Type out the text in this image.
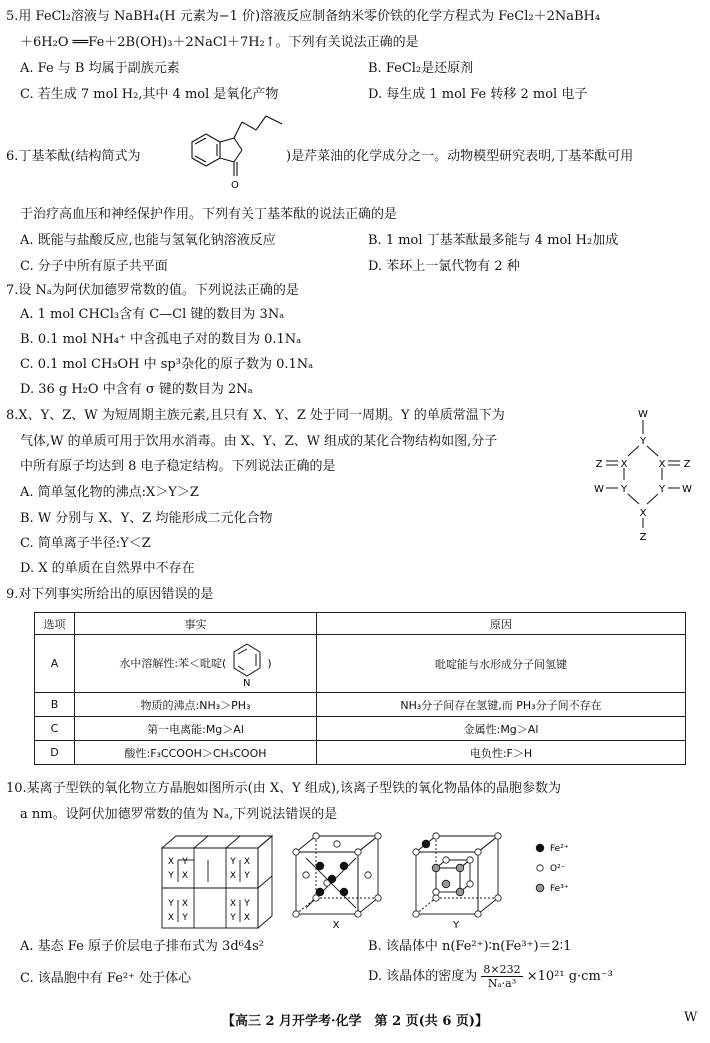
5.用 FeCl₂溶液与 NaBH₄(H 元素为−1 价)溶液反应制备纳米零价铁的化学方程式为 FeCl₂＋2NaBH₄
＋6H₂O ══Fe＋2B(OH)₃＋2NaCl＋7H₂↑。下列有关说法正确的是
A. Fe 与 B 均属于副族元素	B. FeCl₂是还原剂
C. 若生成 7 mol H₂,其中 4 mol 是氧化产物	D. 每生成 1 mol Fe 转移 2 mol 电子
6.丁基苯酞(结构简式为
O
)是芹菜油的化学成分之一。动物模型研究表明,丁基苯酞可用
于治疗高血压和神经保护作用。下列有关丁基苯酞的说法正确的是
A. 既能与盐酸反应,也能与氢氧化钠溶液反应	B. 1 mol 丁基苯酞最多能与 4 mol H₂加成
C. 分子中所有原子共平面	D. 苯环上一氯代物有 2 种
7.设 Nₐ为阿伏加德罗常数的值。下列说法正确的是
A. 1 mol CHCl₃含有 C—Cl 键的数目为 3Nₐ
B. 0.1 mol NH₄⁺ 中含孤电子对的数目为 0.1Nₐ
C. 0.1 mol CH₃OH 中 sp³杂化的原子数为 0.1Nₐ
D. 36 g H₂O 中含有 σ 键的数目为 2Nₐ
8.X、Y、Z、W 为短周期主族元素,且只有 X、Y、Z 处于同一周期。Y 的单质常温下为
气体,W 的单质可用于饮用水消毒。由 X、Y、Z、W 组成的某化合物结构如图,分子
中所有原子均达到 8 电子稳定结构。下列说法正确的是
A. 简单氢化物的沸点:X＞Y＞Z
B. W 分别与 X、Y、Z 均能形成二元化合物
C. 简单离子半径:Y＜Z
D. X 的单质在自然界中不存在
W
Y
X	X
Z	Z
Y	Y
W	W
X
Z
9.对下列事实所给出的原因错误的是
选项	事实	原因
A	水中溶解性:苯＜吡啶(
N
)	吡啶能与水形成分子间氢键
B	物质的沸点:NH₃＞PH₃	NH₃分子间存在氢键,而 PH₃分子间不存在
C	第一电离能:Mg＞Al	金属性:Mg＞Al
D	酸性:F₃CCOOH＞CH₃COOH	电负性:F＞H
10.某离子型铁的氧化物立方晶胞如图所示(由 X、Y 组成),该离子型铁的氧化物晶体的晶胞参数为
a nm。设阿伏加德罗常数的值为 Nₐ,下列说法错误的是
X Y
Y X
Y X
X Y
Y X
X Y
X Y
Y X
X	Y
Fe²⁺
O²⁻
Fe³⁺
A. 基态 Fe 原子价层电子排布式为 3d⁶4s²	B. 该晶体中 n(Fe²⁺)∶n(Fe³⁺)＝2∶1
C. 该晶胞中有 Fe²⁺ 处于体心	D. 该晶体的密度为 $\frac{8\times 232}{\text{Nₐ·a³}} \times 10^{21}$ g·cm⁻³
【高三 2 月开学考·化学　第 2 页(共 6 页)】	W
